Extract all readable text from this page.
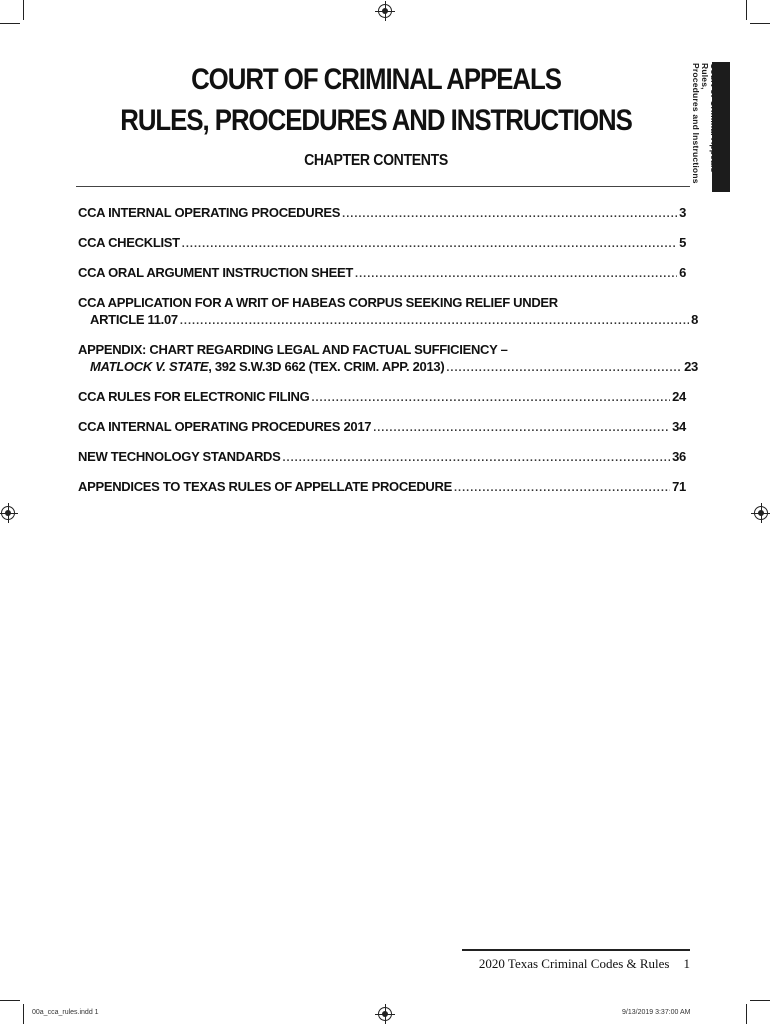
COURT OF CRIMINAL APPEALS
RULES, PROCEDURES AND INSTRUCTIONS
CHAPTER CONTENTS
Rules,
Procedures and Instructions
CCA INTERNAL OPERATING PROCEDURES .....	3
CCA CHECKLIST .....	5
CCA ORAL ARGUMENT INSTRUCTION SHEET .....	6
CCA APPLICATION FOR A WRIT OF HABEAS CORPUS SEEKING RELIEF UNDER
ARTICLE 11.07 .....	8
APPENDIX: CHART REGARDING LEGAL AND FACTUAL SUFFICIENCY –
MATLOCK V. STATE, 392 S.W.3D 662 (TEX. CRIM. APP. 2013) .....	23
CCA RULES FOR ELECTRONIC FILING .....	24
CCA INTERNAL OPERATING PROCEDURES 2017 .....	34
NEW TECHNOLOGY STANDARDS .....	36
APPENDICES TO TEXAS RULES OF APPELLATE PROCEDURE .....	71
2020 Texas Criminal Codes & Rules 1
00a_cca_rules.indd 1	9/13/2019 3:37:00 AM
